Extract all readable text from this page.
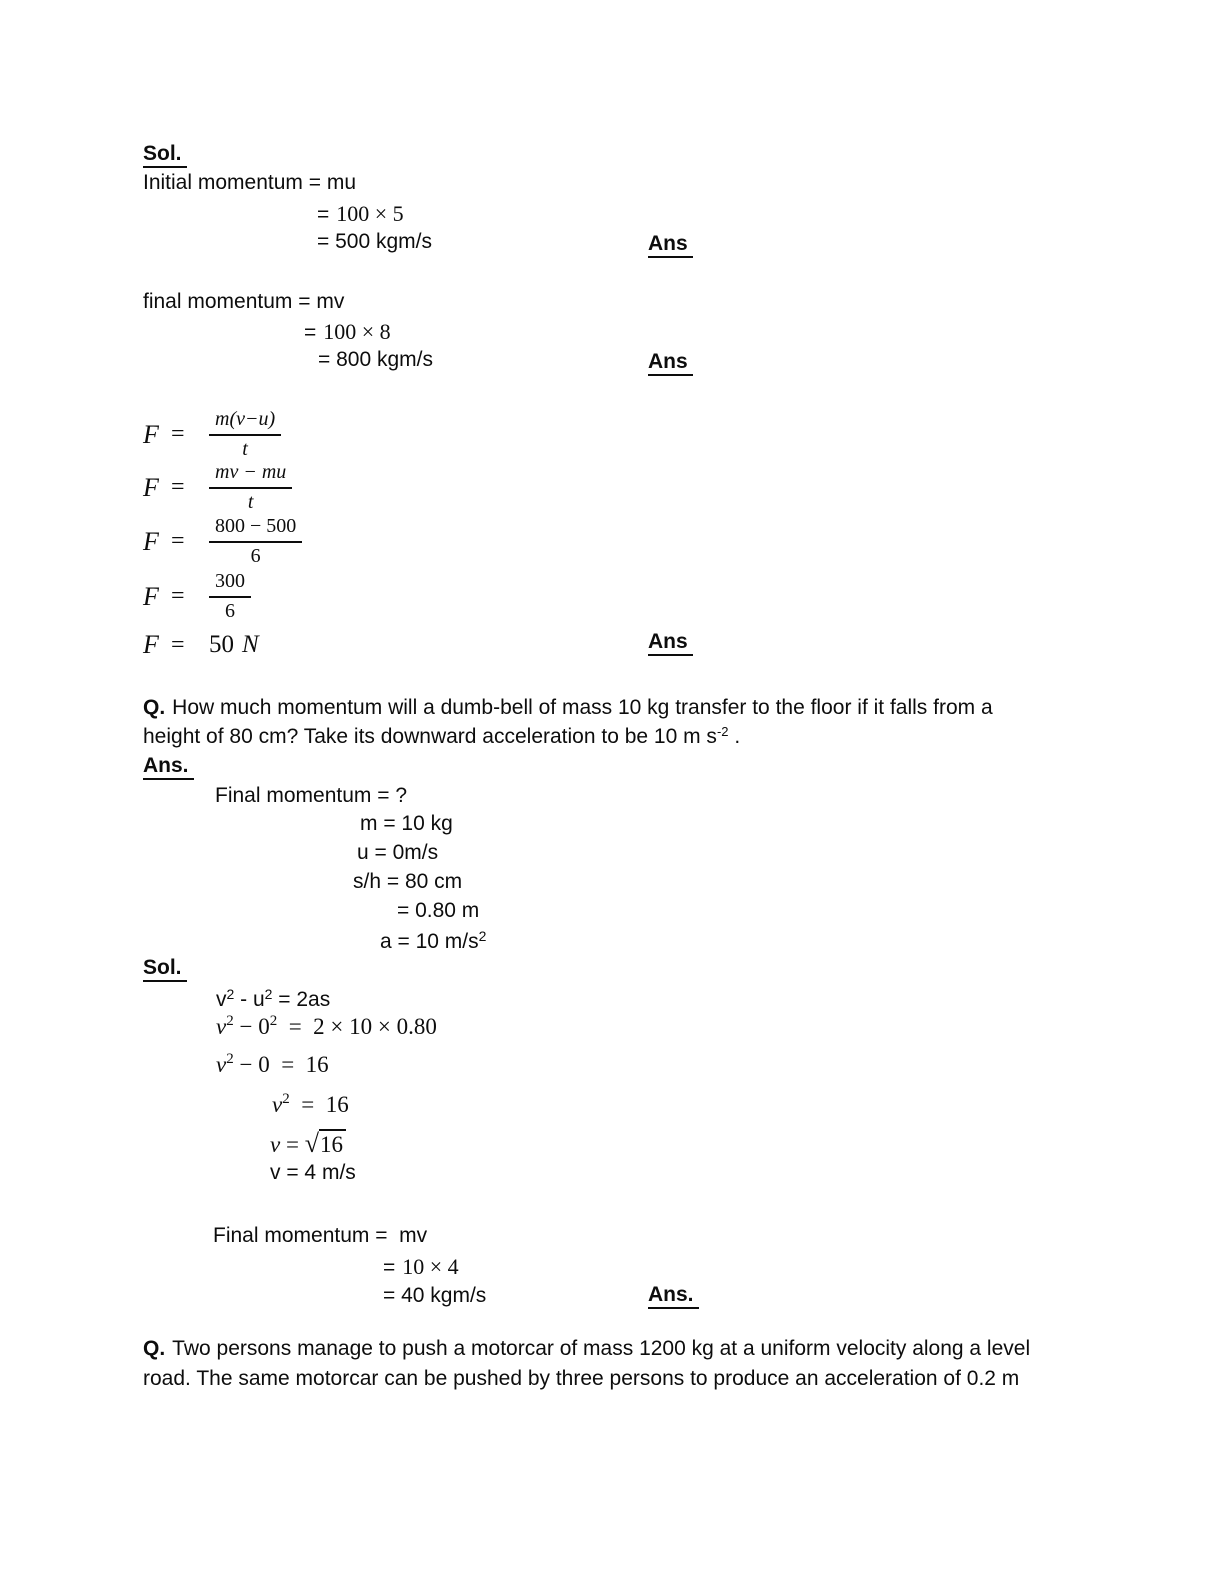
Sol.
Initial momentum = mu
= 100 × 5
= 500 kgm/s	Ans
final momentum = mv
= 100 × 8
= 800 kgm/s	Ans
F =	$\frac{m(v-u)}{t}$
F =	$\frac{mv - mu}{t}$
F =	$\frac{800 - 500}{6}$
F =	$\frac{300}{6}$
F = 50 N	Ans
Q. How much momentum will a dumb-bell of mass 10 kg transfer to the floor if it falls from a
height of 80 cm? Take its downward acceleration to be 10 m $s^{-2}$ .
Ans.
Final momentum = ?
m = 10 kg
u = 0m/s
s/h = 80 cm
= 0.80 m
a = 10 $m/s^2$
Sol.
$v^2 - u^2 = 2as$
$v^2 - 0^2 = 2 \times 10 \times 0.80$
$v^2 - 0 = 16$
$v^2 = 16$
v = √16
v = 4 m/s
Final momentum =  mv
= 10 × 4
= 40 kgm/s	Ans.
Q. Two persons manage to push a motorcar of mass 1200 kg at a uniform velocity along a level
road. The same motorcar can be pushed by three persons to produce an acceleration of 0.2 m
